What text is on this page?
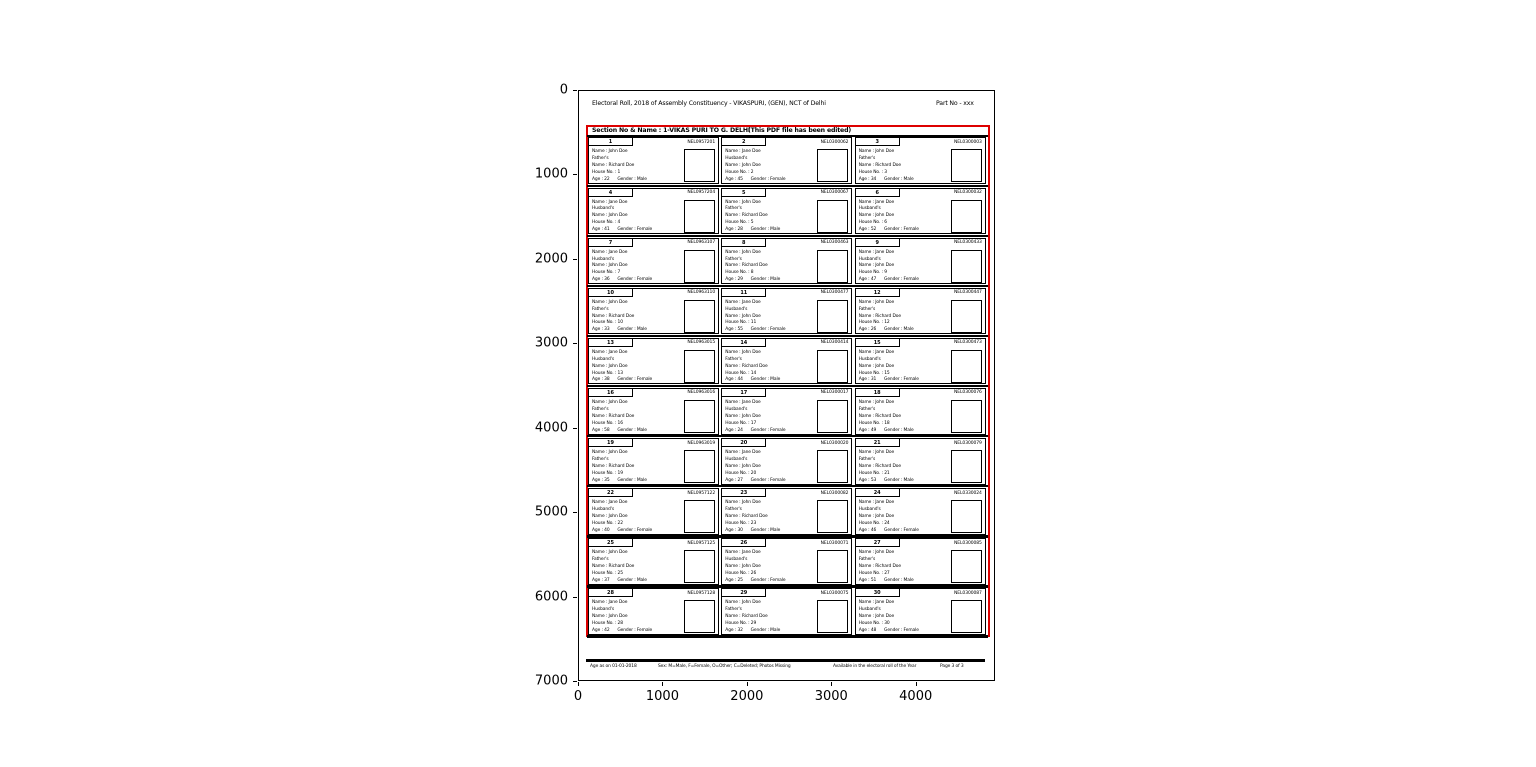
0
1000
2000
3000
4000
5000
6000
7000
0	1000	2000	3000	4000
Electoral Roll, 2018 of Assembly Constituency - VIKASPURI, (GEN), NCT of Delhi	Part No - xxx
Section No & Name : 1-VIKAS PURI TO G. DELHI
(This PDF file has been edited)
1	NEL0957201
Name : John Doe
Father's
Name : Richard Doe
House No. : 1
Age : 22      Gender : Male
2	NEL0300062
Name : Jane Doe
Husband's
Name : John Doe
House No. : 2
Age : 45      Gender : Female
3	NEL0300003
Name : John Doe
Father's
Name : Richard Doe
House No. : 3
Age : 34      Gender : Male
4	NEL0957204
Name : Jane Doe
Husband's
Name : John Doe
House No. : 4
Age : 41      Gender : Female
5	NEL0300067
Name : John Doe
Father's
Name : Richard Doe
House No. : 5
Age : 28      Gender : Male
6	NEL0300032
Name : Jane Doe
Husband's
Name : John Doe
House No. : 6
Age : 52      Gender : Female
7	NEL0963107
Name : Jane Doe
Husband's
Name : John Doe
House No. : 7
Age : 36      Gender : Female
8	NEL0300463
Name : John Doe
Father's
Name : Richard Doe
House No. : 8
Age : 29      Gender : Male
9	NEL0300433
Name : Jane Doe
Husband's
Name : John Doe
House No. : 9
Age : 47      Gender : Female
10	NEL0963110
Name : John Doe
Father's
Name : Richard Doe
House No. : 10
Age : 33      Gender : Male
11	NEL0300477
Name : Jane Doe
Husband's
Name : John Doe
House No. : 11
Age : 55      Gender : Female
12	NEL0300447
Name : John Doe
Father's
Name : Richard Doe
House No. : 12
Age : 26      Gender : Male
13	NEL0963015
Name : Jane Doe
Husband's
Name : John Doe
House No. : 13
Age : 38      Gender : Female
14	NEL0300414
Name : John Doe
Father's
Name : Richard Doe
House No. : 14
Age : 44      Gender : Male
15	NEL0300473
Name : Jane Doe
Husband's
Name : John Doe
House No. : 15
Age : 31      Gender : Female
16	NEL0963016
Name : John Doe
Father's
Name : Richard Doe
House No. : 16
Age : 58      Gender : Male
17	NEL0300017
Name : Jane Doe
Husband's
Name : John Doe
House No. : 17
Age : 24      Gender : Female
18	NEL0300076
Name : John Doe
Father's
Name : Richard Doe
House No. : 18
Age : 49      Gender : Male
19	NEL0963019
Name : John Doe
Father's
Name : Richard Doe
House No. : 19
Age : 35      Gender : Male
20	NEL0300020
Name : Jane Doe
Husband's
Name : John Doe
House No. : 20
Age : 27      Gender : Female
21	NEL0300079
Name : John Doe
Father's
Name : Richard Doe
House No. : 21
Age : 53      Gender : Male
22	NEL0957122
Name : Jane Doe
Husband's
Name : John Doe
House No. : 22
Age : 40      Gender : Female
23	NEL0300082
Name : John Doe
Father's
Name : Richard Doe
House No. : 23
Age : 30      Gender : Male
24	NEL0330024
Name : Jane Doe
Husband's
Name : John Doe
House No. : 24
Age : 46      Gender : Female
25	NEL0957125
Name : John Doe
Father's
Name : Richard Doe
House No. : 25
Age : 37      Gender : Male
26	NEL0300071
Name : Jane Doe
Husband's
Name : John Doe
House No. : 26
Age : 25      Gender : Female
27	NEL0300085
Name : John Doe
Father's
Name : Richard Doe
House No. : 27
Age : 51      Gender : Male
28	NEL0957128
Name : Jane Doe
Husband's
Name : John Doe
House No. : 28
Age : 42      Gender : Female
29	NEL0300075
Name : John Doe
Father's
Name : Richard Doe
House No. : 29
Age : 32      Gender : Male
30	NEL0300087
Name : Jane Doe
Husband's
Name : John Doe
House No. : 30
Age : 48      Gender : Female
Age as on 01-01-2018	Sex: M=Male, F=Female, O=Other; C=Deleted; Photos Missing	Available in the electoral roll of the Year	Page 3 of 3
